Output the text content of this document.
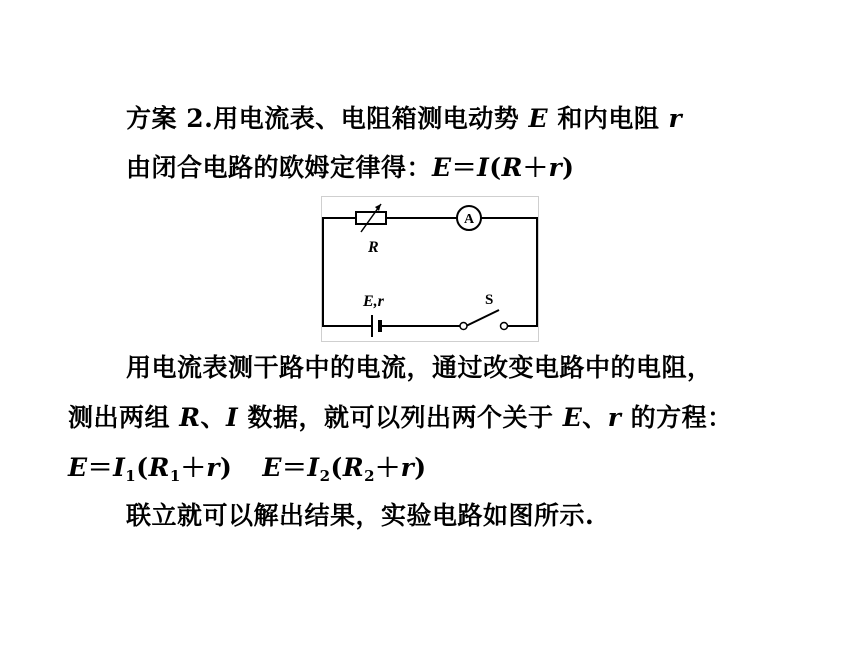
方案 2.用电流表、电阻箱测电动势 E 和内电阻 r
由闭合电路的欧姆定律得：E＝I(R＋r)
R
A
E,r	S
用电流表测干路中的电流，通过改变电路中的电阻，
测出两组 R、I 数据，就可以列出两个关于 E、r 的方程：
$E=I_1(R_1+r)$ $E=I_2(R_2+r)$
联立就可以解出结果，实验电路如图所示.
